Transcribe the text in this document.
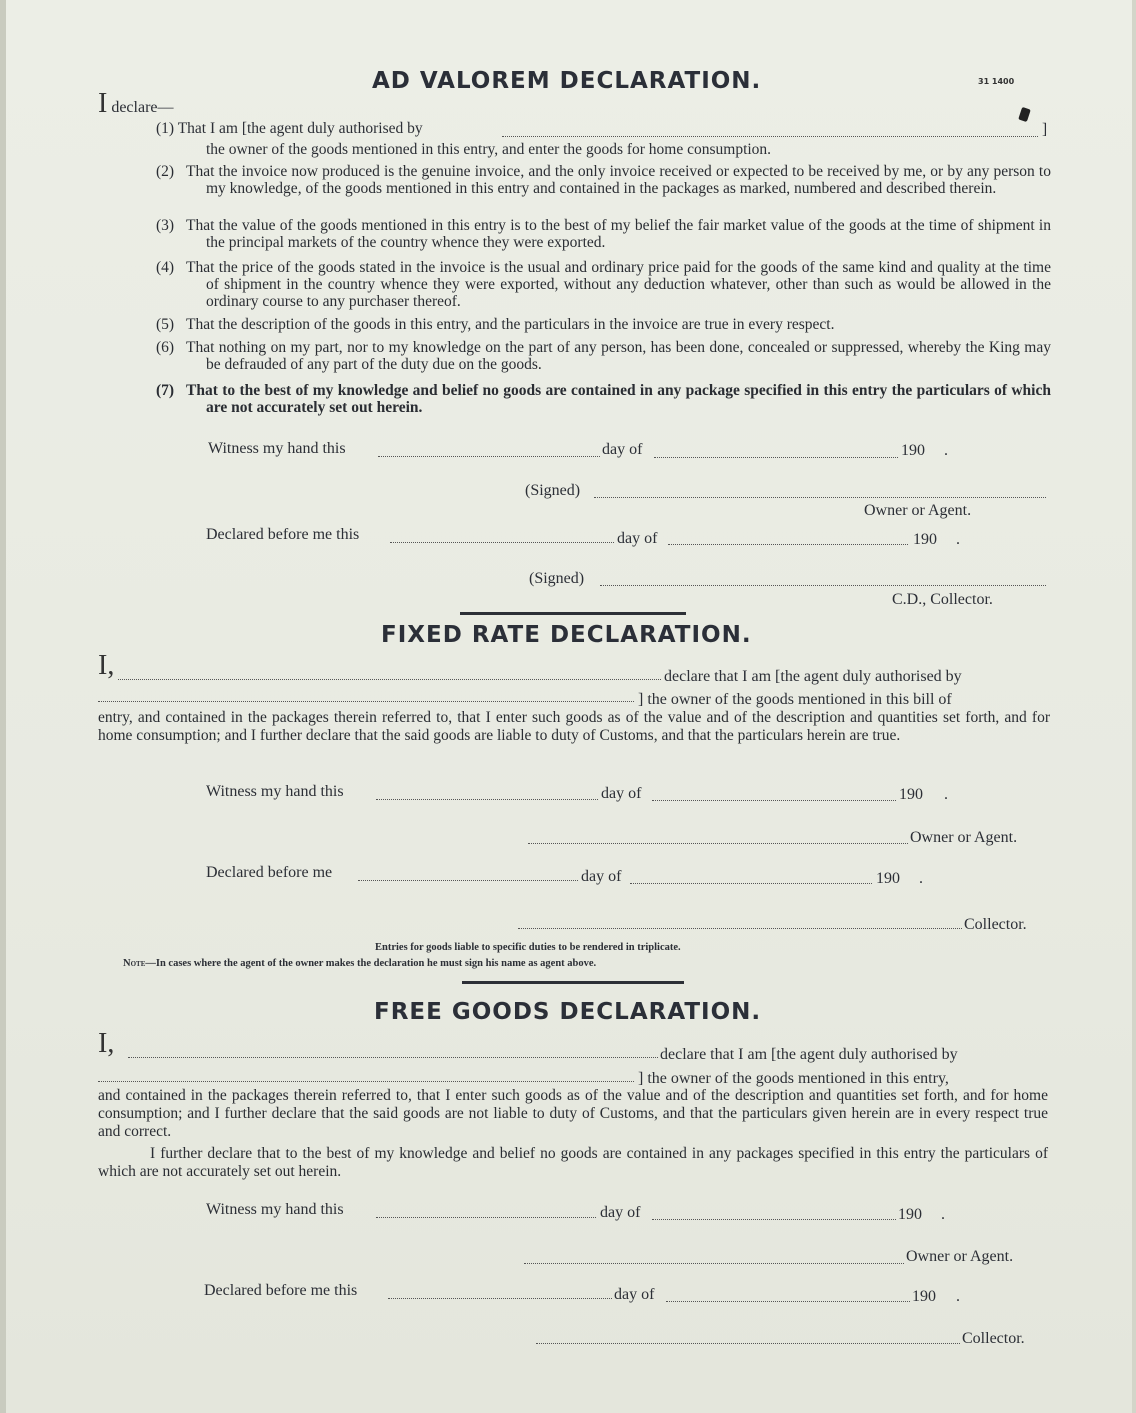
AD VALOREM DECLARATION.	31 1400
I declare—
(1) That I am [the agent duly authorised by	]
the owner of the goods mentioned in this entry, and enter the goods for home consumption.
(2) That the invoice now produced is the genuine invoice, and the only invoice received or expected to be received by me, or by any person to my knowledge, of the goods mentioned in this entry and contained in the packages as marked, numbered and described therein.
(3) That the value of the goods mentioned in this entry is to the best of my belief the fair market value of the goods at the time of shipment in the principal markets of the country whence they were exported.
(4) That the price of the goods stated in the invoice is the usual and ordinary price paid for the goods of the same kind and quality at the time of shipment in the country whence they were exported, without any deduction whatever, other than such as would be allowed in the ordinary course to any purchaser thereof.
(5) That the description of the goods in this entry, and the particulars in the invoice are true in every respect.
(6) That nothing on my part, nor to my knowledge on the part of any person, has been done, concealed or suppressed, whereby the King may be defrauded of any part of the duty due on the goods.
(7) That to the best of my knowledge and belief no goods are contained in any package specified in this entry the particulars of which are not accurately set out herein.
Witness my hand this	day of	190 .
(Signed)
Owner or Agent.
Declared before me this	day of	190 .
(Signed)
C.D., Collector.
FIXED RATE DECLARATION.
I,	declare that I am [the agent duly authorised by
] the owner of the goods mentioned in this bill of
entry, and contained in the packages therein referred to, that I enter such goods as of the value and of the description and quantities set forth, and for home consumption; and I further declare that the said goods are liable to duty of Customs, and that the particulars herein are true.
Witness my hand this	day of	190 .
Owner or Agent.
Declared before me	day of	190 .
Collector.
Entries for goods liable to specific duties to be rendered in triplicate.
Note—In cases where the agent of the owner makes the declaration he must sign his name as agent above.
FREE GOODS DECLARATION.
I,	declare that I am [the agent duly authorised by
] the owner of the goods mentioned in this entry,
and contained in the packages therein referred to, that I enter such goods as of the value and of the description and quantities set forth, and for home consumption; and I further declare that the said goods are not liable to duty of Customs, and that the particulars given herein are in every respect true and correct.
I further declare that to the best of my knowledge and belief no goods are contained in any packages specified in this entry the particulars of which are not accurately set out herein.
Witness my hand this	day of	190 .
Owner or Agent.
Declared before me this	day of	190 .
Collector.
